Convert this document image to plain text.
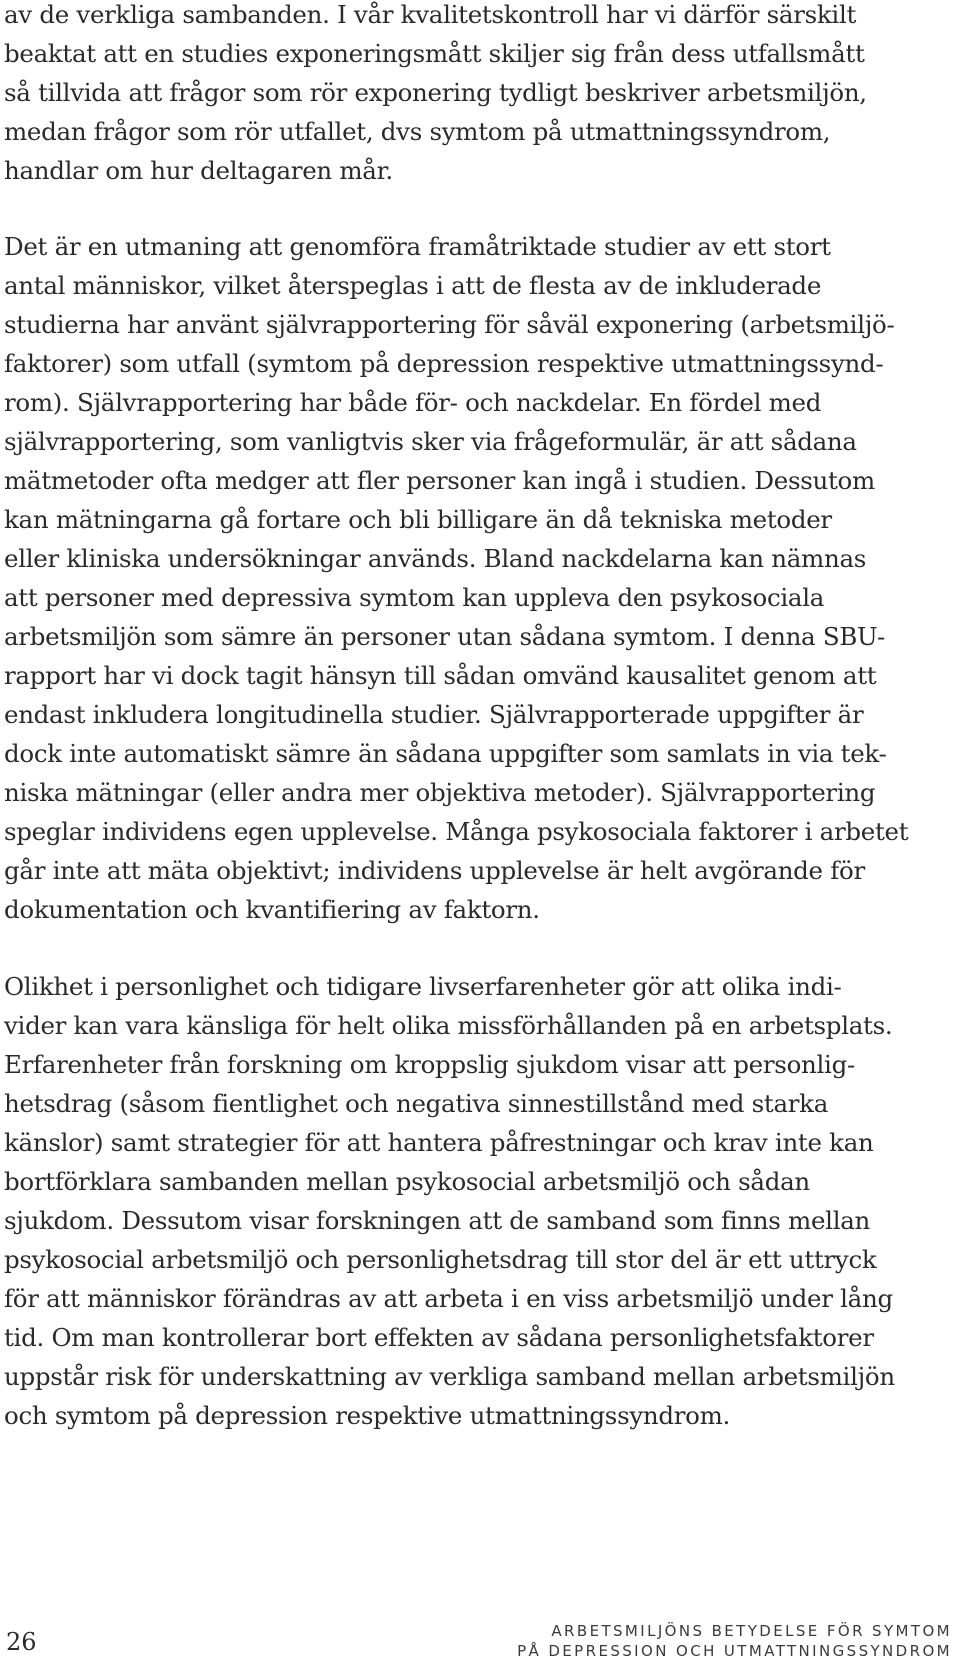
av de verkliga sambanden. I vår kvalitetskontroll har vi därför särskilt
beaktat att en studies exponeringsmått skiljer sig från dess utfallsmått
så tillvida att frågor som rör exponering tydligt beskriver arbetsmiljön,
medan frågor som rör utfallet, dvs symtom på utmattningssyndrom,
handlar om hur deltagaren mår.
Det är en utmaning att genomföra framåtriktade studier av ett stort
antal människor, vilket återspeglas i att de flesta av de inkluderade
studierna har använt självrapportering för såväl exponering (arbetsmiljö-
faktorer) som utfall (symtom på depression respektive utmattningssynd-
rom). Självrapportering har både för- och nackdelar. En fördel med
självrapportering, som vanligtvis sker via frågeformulär, är att sådana
mätmetoder ofta medger att fler personer kan ingå i studien. Dessutom
kan mätningarna gå fortare och bli billigare än då tekniska metoder
eller kliniska undersökningar används. Bland nackdelarna kan nämnas
att personer med depressiva symtom kan uppleva den psykosociala
arbetsmiljön som sämre än personer utan sådana symtom. I denna SBU-
rapport har vi dock tagit hänsyn till sådan omvänd kausalitet genom att
endast inkludera longitudinella studier. Självrapporterade uppgifter är
dock inte automatiskt sämre än sådana uppgifter som samlats in via tek-
niska mätningar (eller andra mer objektiva metoder). Självrapportering
speglar individens egen upplevelse. Många psykosociala faktorer i arbetet
går inte att mäta objektivt; individens upplevelse är helt avgörande för
dokumentation och kvantifiering av faktorn.
Olikhet i personlighet och tidigare livserfarenheter gör att olika indi-
vider kan vara känsliga för helt olika missförhållanden på en arbetsplats.
Erfarenheter från forskning om kroppslig sjukdom visar att personlig-
hetsdrag (såsom fientlighet och negativa sinnestillstånd med starka
känslor) samt strategier för att hantera påfrestningar och krav inte kan
bortförklara sambanden mellan psykosocial arbetsmiljö och sådan
sjukdom. Dessutom visar forskningen att de samband som finns mellan
psykosocial arbetsmiljö och personlighetsdrag till stor del är ett uttryck
för att människor förändras av att arbeta i en viss arbetsmiljö under lång
tid. Om man kontrollerar bort effekten av sådana personlighetsfaktorer
uppstår risk för underskattning av verkliga samband mellan arbetsmiljön
och symtom på depression respektive utmattningssyndrom.
26	ARBETSMILJÖNS BETYDELSE FÖR SYMTOM
PÅ DEPRESSION OCH UTMATTNINGSSYNDROM
